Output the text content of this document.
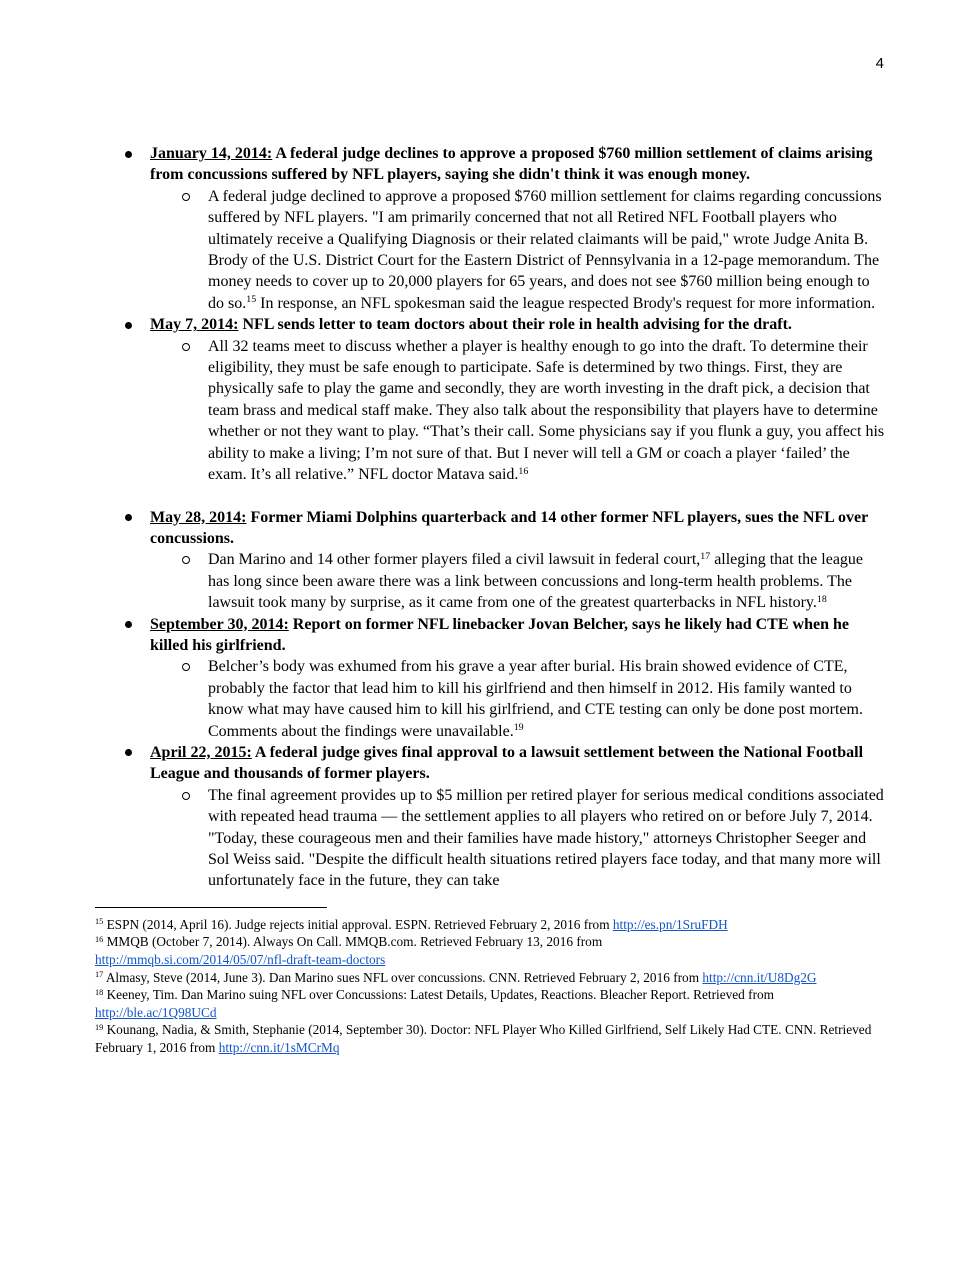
4
January 14, 2014: A federal judge declines to approve a proposed $760 million settlement of claims arising from concussions suffered by NFL players, saying she didn't think it was enough money.
A federal judge declined to approve a proposed $760 million settlement for claims regarding concussions suffered by NFL players. "I am primarily concerned that not all Retired NFL Football players who ultimately receive a Qualifying Diagnosis or their related claimants will be paid," wrote Judge Anita B. Brody of the U.S. District Court for the Eastern District of Pennsylvania in a 12-page memorandum. The money needs to cover up to 20,000 players for 65 years, and does not see $760 million being enough to do so.$^{15}$ In response, an NFL spokesman said the league respected Brody's request for more information.
May 7, 2014: NFL sends letter to team doctors about their role in health advising for the draft.
All 32 teams meet to discuss whether a player is healthy enough to go into the draft. To determine their eligibility, they must be safe enough to participate. Safe is determined by two things. First, they are physically safe to play the game and secondly, they are worth investing in the draft pick, a decision that team brass and medical staff make. They also talk about the responsibility that players have to determine whether or not they want to play. “That’s their call. Some physicians say if you flunk a guy, you affect his ability to make a living; I’m not sure of that. But I never will tell a GM or coach a player ‘failed’ the exam. It’s all relative.” NFL doctor Matava said.$^{16}$
May 28, 2014: Former Miami Dolphins quarterback and 14 other former NFL players, sues the NFL over concussions.
Dan Marino and 14 other former players filed a civil lawsuit in federal court,$^{17}$ alleging that the league has long since been aware there was a link between concussions and long-term health problems. The lawsuit took many by surprise, as it came from one of the greatest quarterbacks in NFL history.$^{18}$
September 30, 2014: Report on former NFL linebacker Jovan Belcher, says he likely had CTE when he killed his girlfriend.
Belcher’s body was exhumed from his grave a year after burial. His brain showed evidence of CTE, probably the factor that lead him to kill his girlfriend and then himself in 2012. His family wanted to know what may have caused him to kill his girlfriend, and CTE testing can only be done post mortem. Comments about the findings were unavailable.$^{19}$
April 22, 2015: A federal judge gives final approval to a lawsuit settlement between the National Football League and thousands of former players.
The final agreement provides up to $5 million per retired player for serious medical conditions associated with repeated head trauma — the settlement applies to all players who retired on or before July 7, 2014. "Today, these courageous men and their families have made history," attorneys Christopher Seeger and Sol Weiss said. "Despite the difficult health situations retired players face today, and that many more will unfortunately face in the future, they can take
$^{15}$ ESPN (2014, April 16). Judge rejects initial approval. ESPN. Retrieved February 2, 2016 from http://es.pn/1SruFDH
$^{16}$ MMQB (October 7, 2014). Always On Call. MMQB.com. Retrieved February 13, 2016 from
http://mmqb.si.com/2014/05/07/nfl-draft-team-doctors
$^{17}$ Almasy, Steve (2014, June 3). Dan Marino sues NFL over concussions. CNN. Retrieved February 2, 2016 from http://cnn.it/U8Dg2G
$^{18}$ Keeney, Tim. Dan Marino suing NFL over Concussions: Latest Details, Updates, Reactions. Bleacher Report. Retrieved from
http://ble.ac/1Q98UCd
$^{19}$ Kounang, Nadia, & Smith, Stephanie (2014, September 30). Doctor: NFL Player Who Killed Girlfriend, Self Likely Had CTE. CNN. Retrieved February 1, 2016 from http://cnn.it/1sMCrMq
